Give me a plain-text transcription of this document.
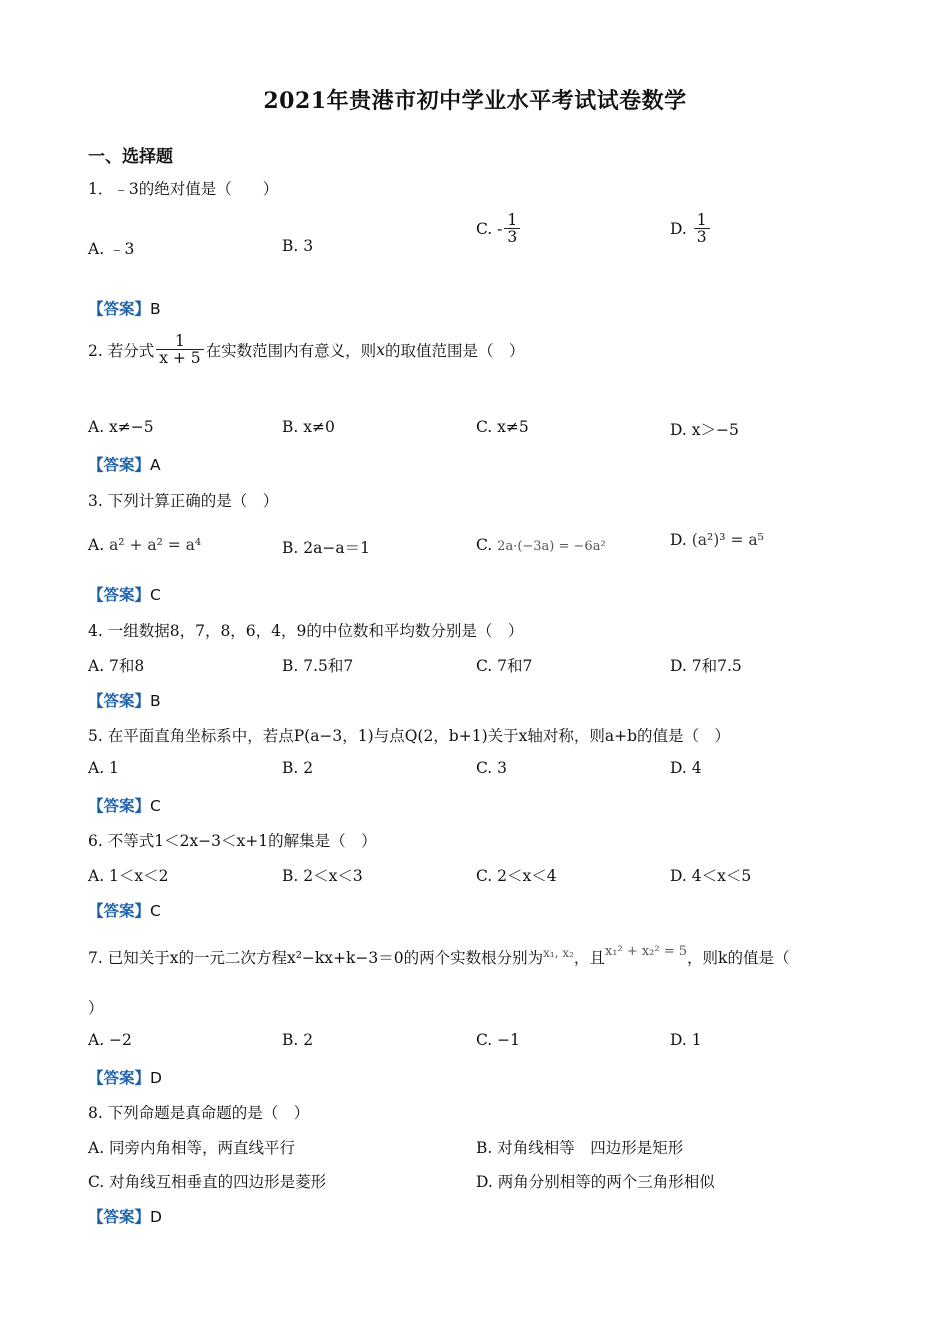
2021年贵港市初中学业水平考试试卷数学
一、选择题
1．﹣3的绝对值是（　　）
A. ﹣3	B. 3
C. - $\frac{1}{3}$	D. $\frac{1}{3}$
【答案】B
2. 若分式 $\frac{1}{x + 5}$ 在实数范围内有意义，则x的取值范围是（　）
A. x≠−5	B. x≠0	C. x≠5	D. x＞−5
【答案】A
3. 下列计算正确的是（　）
A. a² + a² = a⁴	B. 2a−a＝1	C. 2a·(−3a) = −6a²	D. (a²)³ = a⁵
【答案】C
4. 一组数据8，7，8，6，4，9的中位数和平均数分别是（　）
A. 7和8	B. 7.5和7	C. 7和7	D. 7和7.5
【答案】B
5. 在平面直角坐标系中，若点P(a−3，1)与点Q(2，b+1)关于x轴对称，则a+b的值是（　）
A. 1	B. 2	C. 3	D. 4
【答案】C
6. 不等式1＜2x−3＜x+1的解集是（　）
A. 1＜x＜2	B. 2＜x＜3	C. 2＜x＜4	D. 4＜x＜5
【答案】C
7. 已知关于x的一元二次方程x²−kx+k−3＝0的两个实数根分别为$^{x_1, x_2}$，且$^{x_1^2 + x_2^2 = 5}$，则k的值是（
）
A. −2	B. 2	C. −1	D. 1
【答案】D
8. 下列命题是真命题的是（　）
A. 同旁内角相等，两直线平行	B. 对角线相等　四边形是矩形
C. 对角线互相垂直的四边形是菱形	D. 两角分别相等的两个三角形相似
【答案】D
